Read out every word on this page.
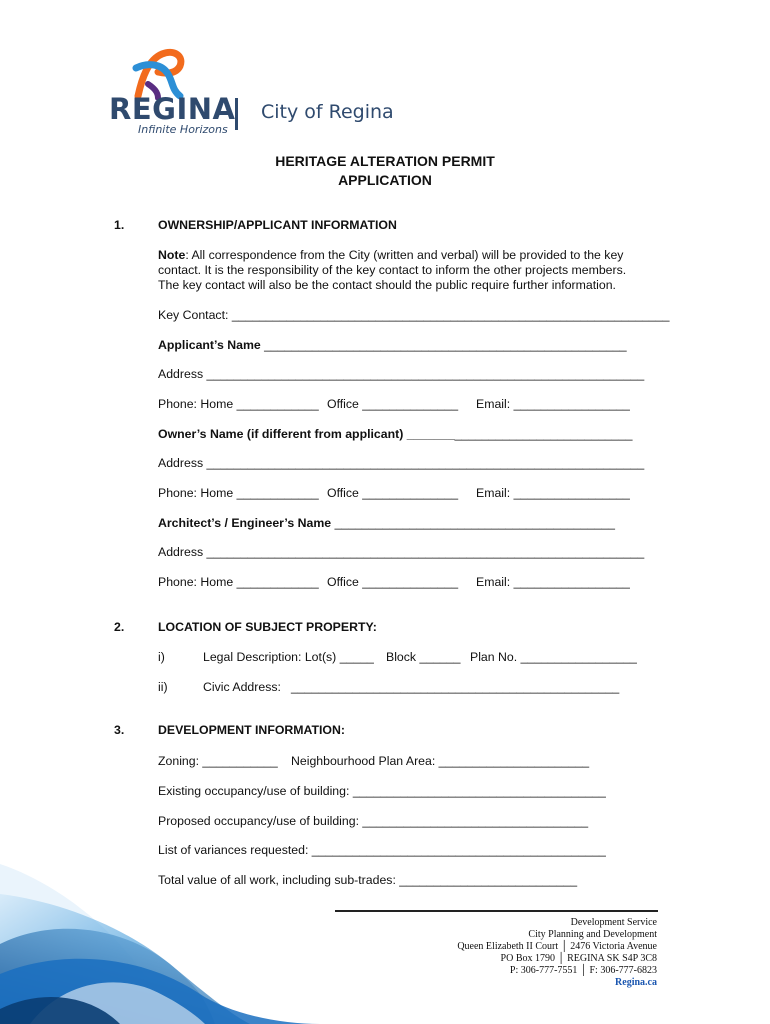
REGINA
Infinite Horizons
City of Regina
HERITAGE ALTERATION PERMIT
APPLICATION
1.	OWNERSHIP/APPLICANT INFORMATION
Note: All correspondence from the City (written and verbal) will be provided to the key
contact. It is the responsibility of the key contact to inform the other projects members.
The key contact will also be the contact should the public require further information.
Key Contact: ________________________________________________________________
Applicant’s Name _____________________________________________________
Address ________________________________________________________________
Phone: Home ____________ Office ______________ Email: _________________
Owner’s Name (if different from applicant) _________________________________
Address ________________________________________________________________
Phone: Home ____________ Office ______________ Email: _________________
Architect’s / Engineer’s Name _________________________________________
Address ________________________________________________________________
Phone: Home ____________ Office ______________ Email: _________________
2.	LOCATION OF SUBJECT PROPERTY:
i)	Legal Description: Lot(s) _____ Block ______ Plan No. _________________
ii)	Civic Address: ________________________________________________
3.	DEVELOPMENT INFORMATION:
Zoning: ___________ Neighbourhood Plan Area: ______________________
Existing occupancy/use of building: _____________________________________
Proposed occupancy/use of building: _________________________________
List of variances requested: ___________________________________________
Total value of all work, including sub-trades: __________________________
Development Service
City Planning and Development
Queen Elizabeth II Court │ 2476 Victoria Avenue
PO Box 1790 │ REGINA SK S4P 3C8
P: 306-777-7551 │ F: 306-777-6823
Regina.ca
